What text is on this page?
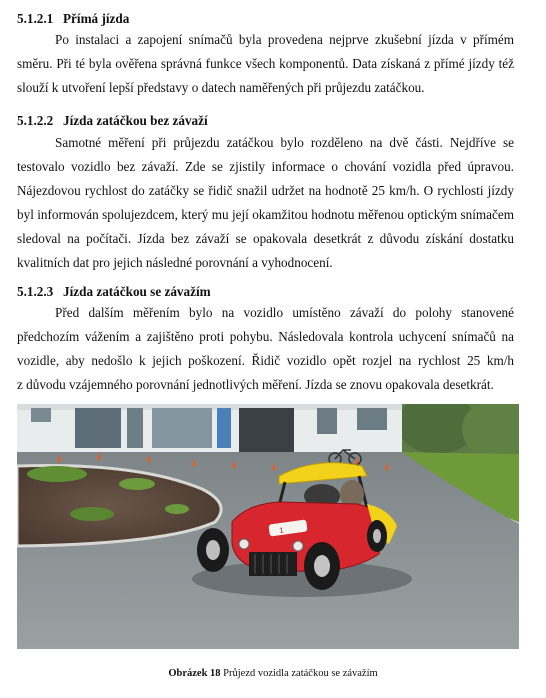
5.1.2.1 Přímá jízda
Po instalaci a zapojení snímačů byla provedena nejprve zkušební jízda v přímém
směru. Při té byla ověřena správná funkce všech komponentů. Data získaná z přímé jízdy též
slouží k utvoření lepší představy o datech naměřených při průjezdu zatáčkou.
5.1.2.2 Jízda zatáčkou bez závaží
Samotné měření při průjezdu zatáčkou bylo rozděleno na dvě části. Nejdříve se
testovalo vozidlo bez závaží. Zde se zjistily informace o chování vozidla před úpravou.
Nájezdovou rychlost do zatáčky se řidič snažil udržet na hodnotě 25 km/h. O rychlosti jízdy
byl informován spolujezdcem, který mu její okamžitou hodnotu měřenou optickým snímačem
sledoval na počítači. Jízda bez závaží se opakovala desetkrát z důvodu získání dostatku
kvalitních dat pro jejich následné porovnání a vyhodnocení.
5.1.2.3 Jízda zatáčkou se závažím
Před dalším měřením bylo na vozidlo umístěno závaží do polohy stanovené
předchozím vážením a zajištěno proti pohybu. Následovala kontrola uchycení snímačů na
vozidle, aby nedošlo k jejich poškození. Řidič vozidlo opět rozjel na rychlost 25 km/h
z důvodu vzájemného porovnání jednotlivých měření. Jízda se znovu opakovala desetkrát.
1
Obrázek 18 Průjezd vozidla zatáčkou se závažím
